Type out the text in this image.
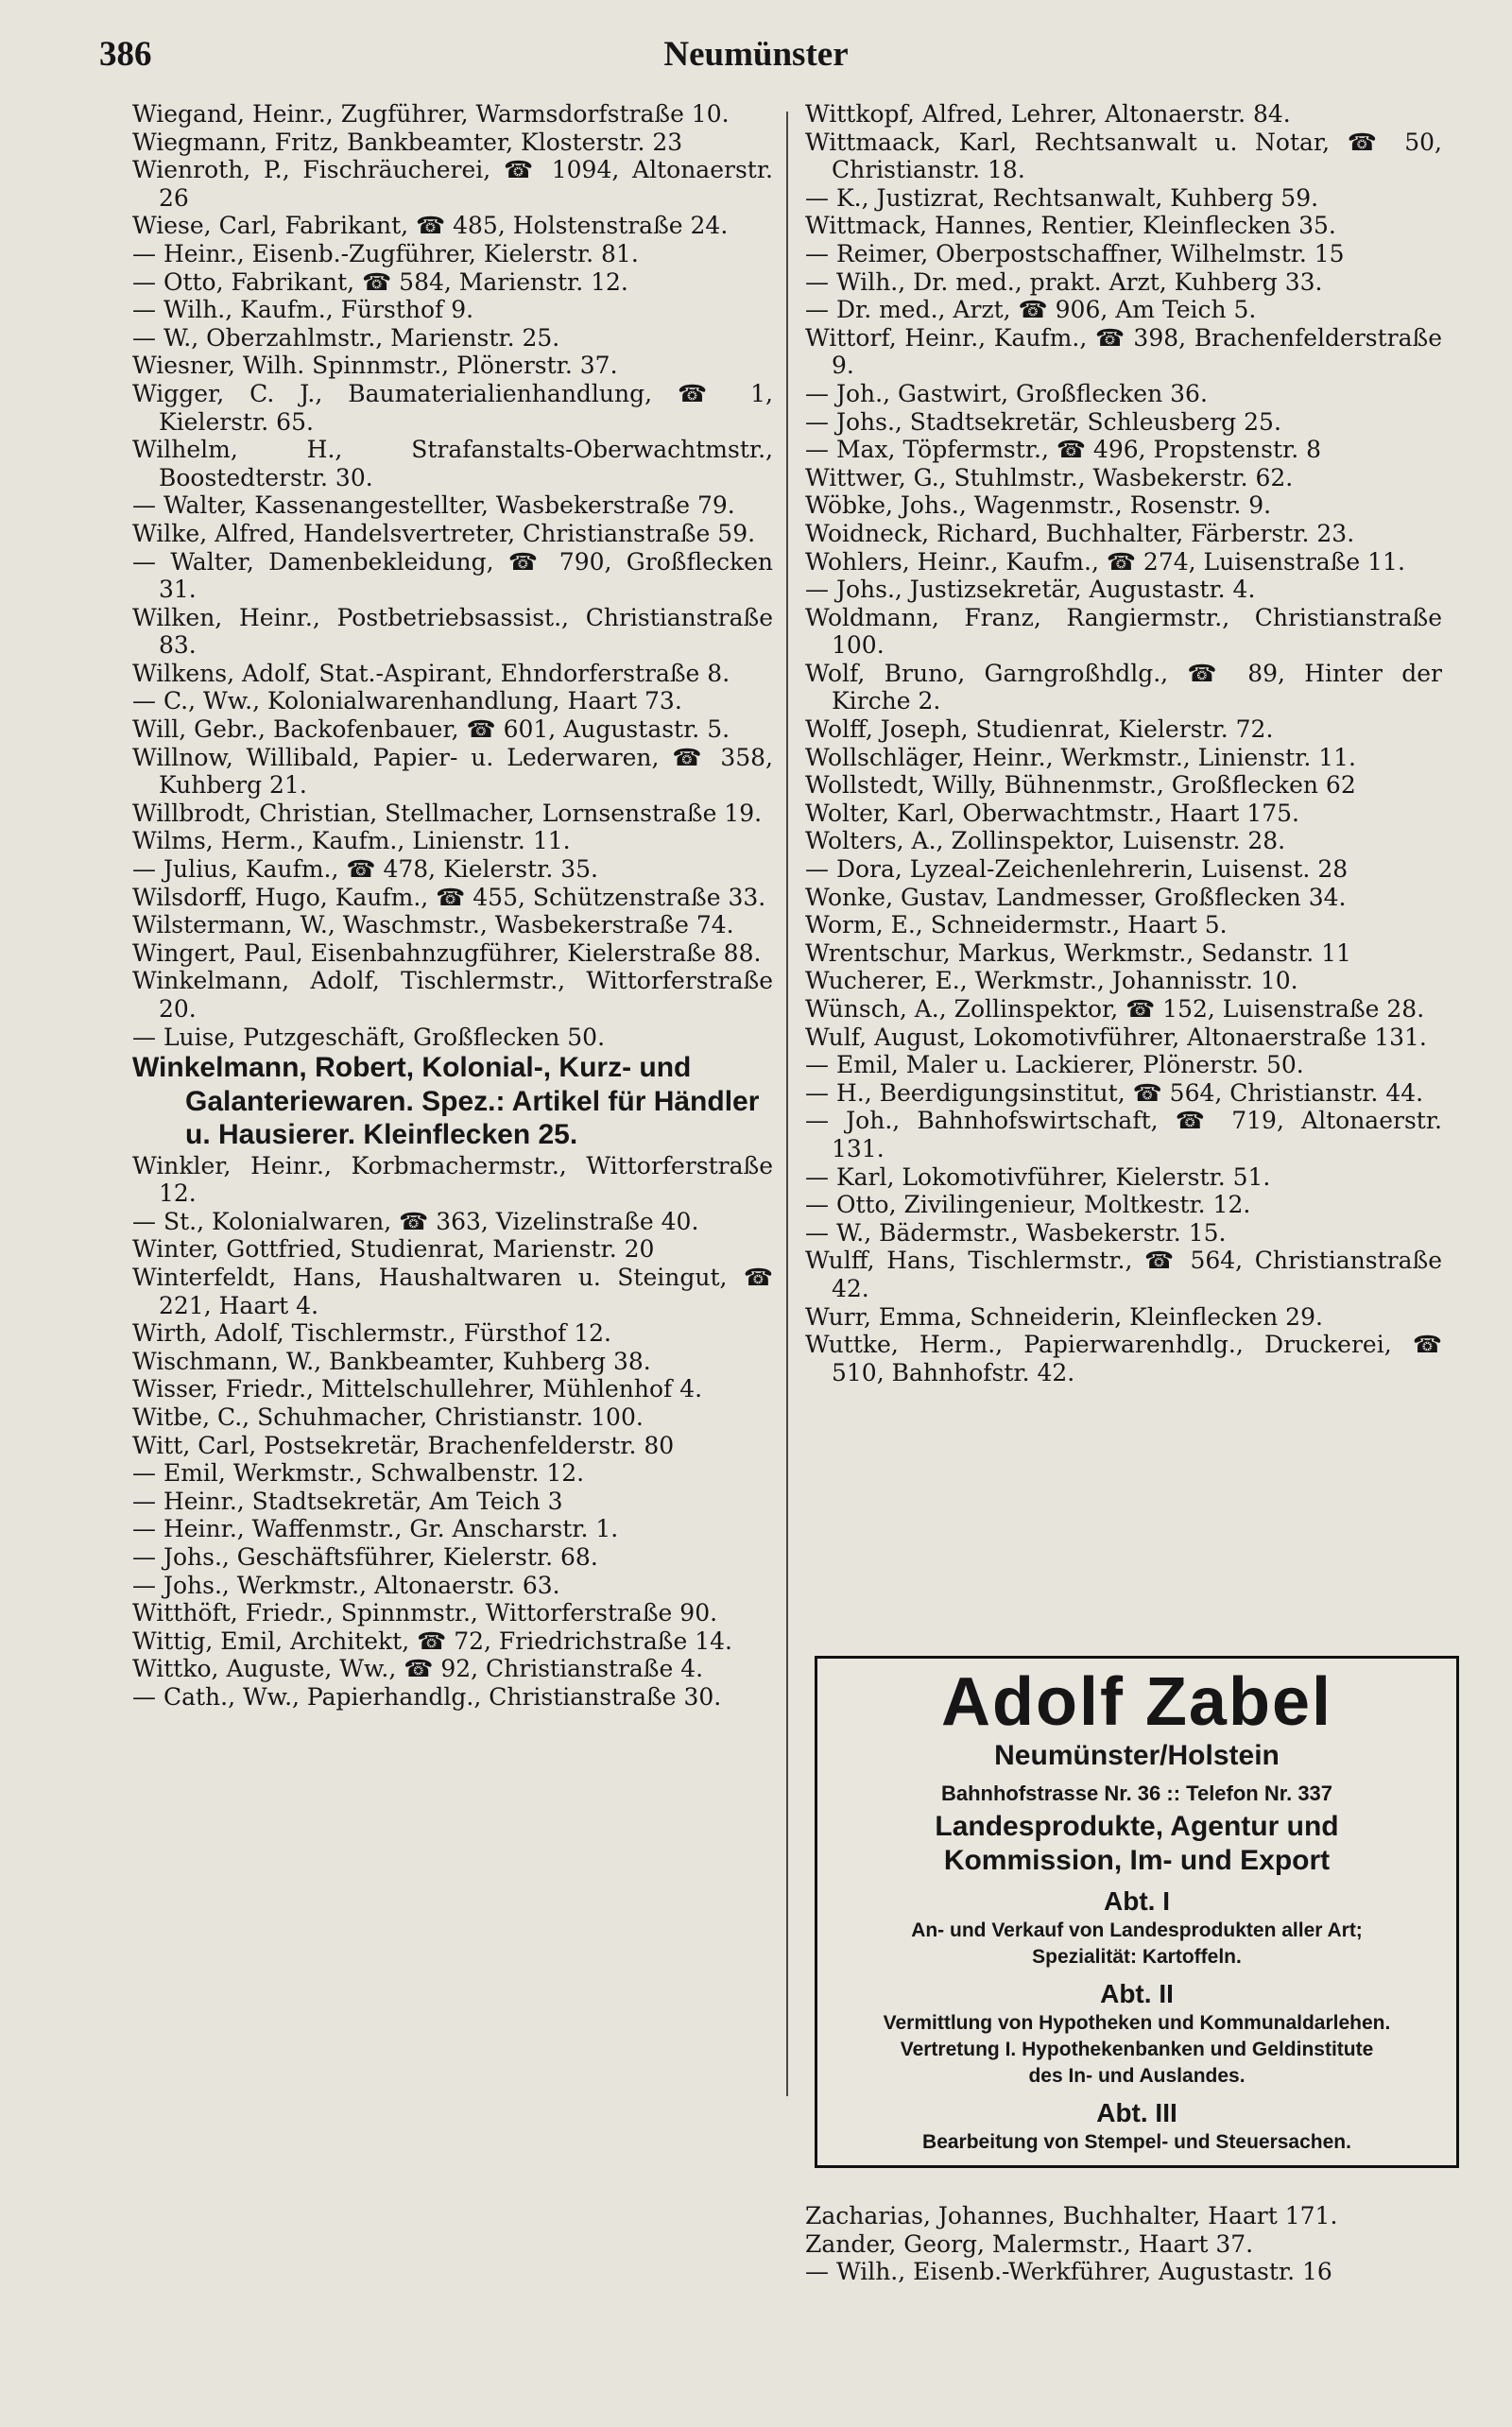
386	Neumünster
Wiegand, Heinr., Zugführer, Warmsdorfstraße 10.
Wiegmann, Fritz, Bankbeamter, Klosterstr. 23
Wienroth, P., Fischräucherei, ☎ 1094, Altonaerstr. 26
Wiese, Carl, Fabrikant, ☎ 485, Holstenstraße 24.
— Heinr., Eisenb.-Zugführer, Kielerstr. 81.
— Otto, Fabrikant, ☎ 584, Marienstr. 12.
— Wilh., Kaufm., Fürsthof 9.
— W., Oberzahlmstr., Marienstr. 25.
Wiesner, Wilh. Spinnmstr., Plönerstr. 37.
Wigger, C. J., Baumaterialienhandlung, ☎ 1, Kielerstr. 65.
Wilhelm, H., Strafanstalts-Oberwachtmstr., Boostedterstr. 30.
— Walter, Kassenangestellter, Wasbekerstraße 79.
Wilke, Alfred, Handelsvertreter, Christianstraße 59.
— Walter, Damenbekleidung, ☎ 790, Großflecken 31.
Wilken, Heinr., Postbetriebsassist., Christianstraße 83.
Wilkens, Adolf, Stat.-Aspirant, Ehndorferstraße 8.
— C., Ww., Kolonialwarenhandlung, Haart 73.
Will, Gebr., Backofenbauer, ☎ 601, Augustastr. 5.
Willnow, Willibald, Papier- u. Lederwaren, ☎ 358, Kuhberg 21.
Willbrodt, Christian, Stellmacher, Lornsenstraße 19.
Wilms, Herm., Kaufm., Linienstr. 11.
— Julius, Kaufm., ☎ 478, Kielerstr. 35.
Wilsdorff, Hugo, Kaufm., ☎ 455, Schützenstraße 33.
Wilstermann, W., Waschmstr., Wasbekerstraße 74.
Wingert, Paul, Eisenbahnzugführer, Kielerstraße 88.
Winkelmann, Adolf, Tischlermstr., Wittorferstraße 20.
— Luise, Putzgeschäft, Großflecken 50.
Winkelmann, Robert, Kolonial-, Kurz- und Galanteriewaren. Spez.: Artikel für Händler u. Hausierer. Kleinflecken 25.
Winkler, Heinr., Korbmachermstr., Wittorferstraße 12.
— St., Kolonialwaren, ☎ 363, Vizelinstraße 40.
Winter, Gottfried, Studienrat, Marienstr. 20
Winterfeldt, Hans, Haushaltwaren u. Steingut, ☎ 221, Haart 4.
Wirth, Adolf, Tischlermstr., Fürsthof 12.
Wischmann, W., Bankbeamter, Kuhberg 38.
Wisser, Friedr., Mittelschullehrer, Mühlenhof 4.
Witbe, C., Schuhmacher, Christianstr. 100.
Witt, Carl, Postsekretär, Brachenfelderstr. 80
— Emil, Werkmstr., Schwalbenstr. 12.
— Heinr., Stadtsekretär, Am Teich 3
— Heinr., Waffenmstr., Gr. Anscharstr. 1.
— Johs., Geschäftsführer, Kielerstr. 68.
— Johs., Werkmstr., Altonaerstr. 63.
Witthöft, Friedr., Spinnmstr., Wittorferstraße 90.
Wittig, Emil, Architekt, ☎ 72, Friedrichstraße 14.
Wittko, Auguste, Ww., ☎ 92, Christianstraße 4.
— Cath., Ww., Papierhandlg., Christianstraße 30.
Wittkopf, Alfred, Lehrer, Altonaerstr. 84.
Wittmaack, Karl, Rechtsanwalt u. Notar, ☎ 50, Christianstr. 18.
— K., Justizrat, Rechtsanwalt, Kuhberg 59.
Wittmack, Hannes, Rentier, Kleinflecken 35.
— Reimer, Oberpostschaffner, Wilhelmstr. 15
— Wilh., Dr. med., prakt. Arzt, Kuhberg 33.
— Dr. med., Arzt, ☎ 906, Am Teich 5.
Wittorf, Heinr., Kaufm., ☎ 398, Brachenfelderstraße 9.
— Joh., Gastwirt, Großflecken 36.
— Johs., Stadtsekretär, Schleusberg 25.
— Max, Töpfermstr., ☎ 496, Propstenstr. 8
Wittwer, G., Stuhlmstr., Wasbekerstr. 62.
Wöbke, Johs., Wagenmstr., Rosenstr. 9.
Woidneck, Richard, Buchhalter, Färberstr. 23.
Wohlers, Heinr., Kaufm., ☎ 274, Luisenstraße 11.
— Johs., Justizsekretär, Augustastr. 4.
Woldmann, Franz, Rangiermstr., Christianstraße 100.
Wolf, Bruno, Garngroßhdlg., ☎ 89, Hinter der Kirche 2.
Wolff, Joseph, Studienrat, Kielerstr. 72.
Wollschläger, Heinr., Werkmstr., Linienstr. 11.
Wollstedt, Willy, Bühnenmstr., Großflecken 62
Wolter, Karl, Oberwachtmstr., Haart 175.
Wolters, A., Zollinspektor, Luisenstr. 28.
— Dora, Lyzeal-Zeichenlehrerin, Luisenst. 28
Wonke, Gustav, Landmesser, Großflecken 34.
Worm, E., Schneidermstr., Haart 5.
Wrentschur, Markus, Werkmstr., Sedanstr. 11
Wucherer, E., Werkmstr., Johannisstr. 10.
Wünsch, A., Zollinspektor, ☎ 152, Luisenstraße 28.
Wulf, August, Lokomotivführer, Altonaerstraße 131.
— Emil, Maler u. Lackierer, Plönerstr. 50.
— H., Beerdigungsinstitut, ☎ 564, Christianstr. 44.
— Joh., Bahnhofswirtschaft, ☎ 719, Altonaerstr. 131.
— Karl, Lokomotivführer, Kielerstr. 51.
— Otto, Zivilingenieur, Moltkestr. 12.
— W., Bädermstr., Wasbekerstr. 15.
Wulff, Hans, Tischlermstr., ☎ 564, Christianstraße 42.
Wurr, Emma, Schneiderin, Kleinflecken 29.
Wuttke, Herm., Papierwarenhdlg., Druckerei, ☎ 510, Bahnhofstr. 42.
Adolf Zabel
Neumünster/Holstein
Bahnhofstrasse Nr. 36 :: Telefon Nr. 337
Landesprodukte, Agentur und
Kommission, Im- und Export
Abt. I
An- und Verkauf von Landesprodukten aller Art;
Spezialität: Kartoffeln.
Abt. II
Vermittlung von Hypotheken und Kommunaldarlehen.
Vertretung I. Hypothekenbanken und Geldinstitute
des In- und Auslandes.
Abt. III
Bearbeitung von Stempel- und Steuersachen.
Zacharias, Johannes, Buchhalter, Haart 171.
Zander, Georg, Malermstr., Haart 37.
— Wilh., Eisenb.-Werkführer, Augustastr. 16
